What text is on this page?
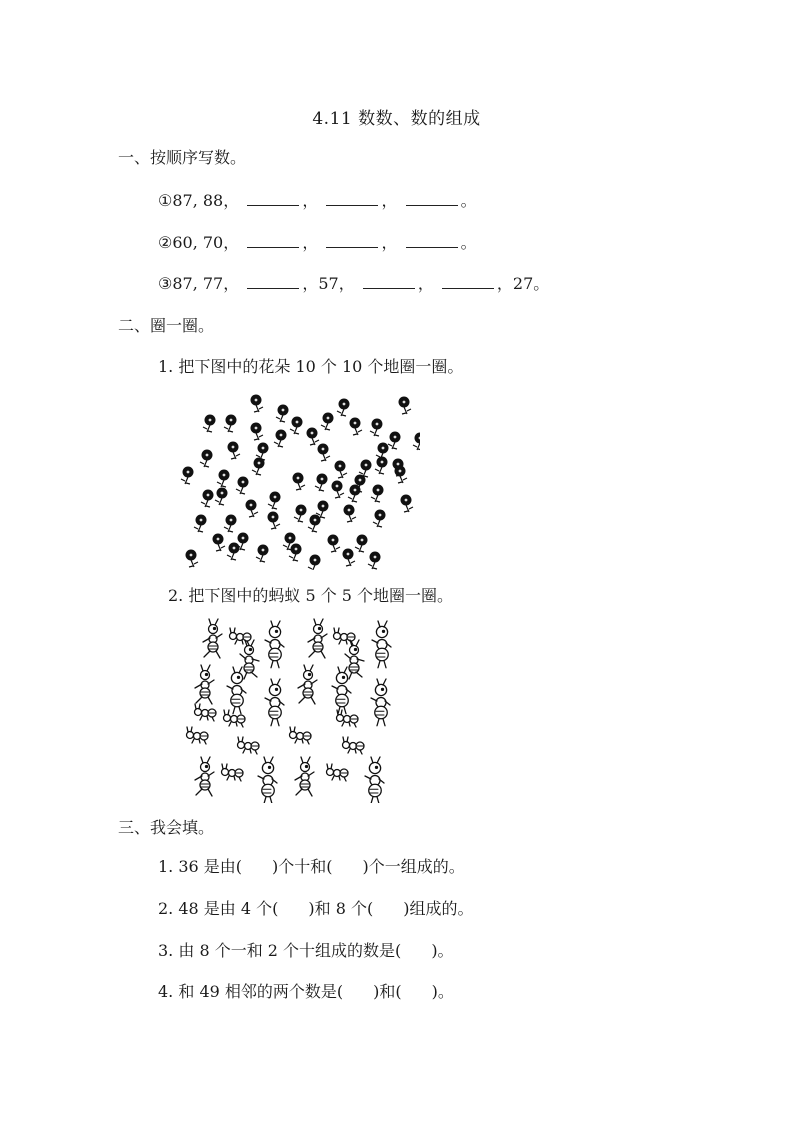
4.11 数数、数的组成
一、按顺序写数。
①87, 88，	，	，	。
②60, 70，	，	，	。
③87, 77，	，57，	，	，27。
二、圈一圈。
1. 把下图中的花朵 10 个 10 个地圈一圈。
2. 把下图中的蚂蚁 5 个 5 个地圈一圈。
三、我会填。
1. 36 是由( )个十和( )个一组成的。
2. 48 是由 4 个( )和 8 个( )组成的。
3. 由 8 个一和 2 个十组成的数是( )。
4. 和 49 相邻的两个数是( )和( )。
